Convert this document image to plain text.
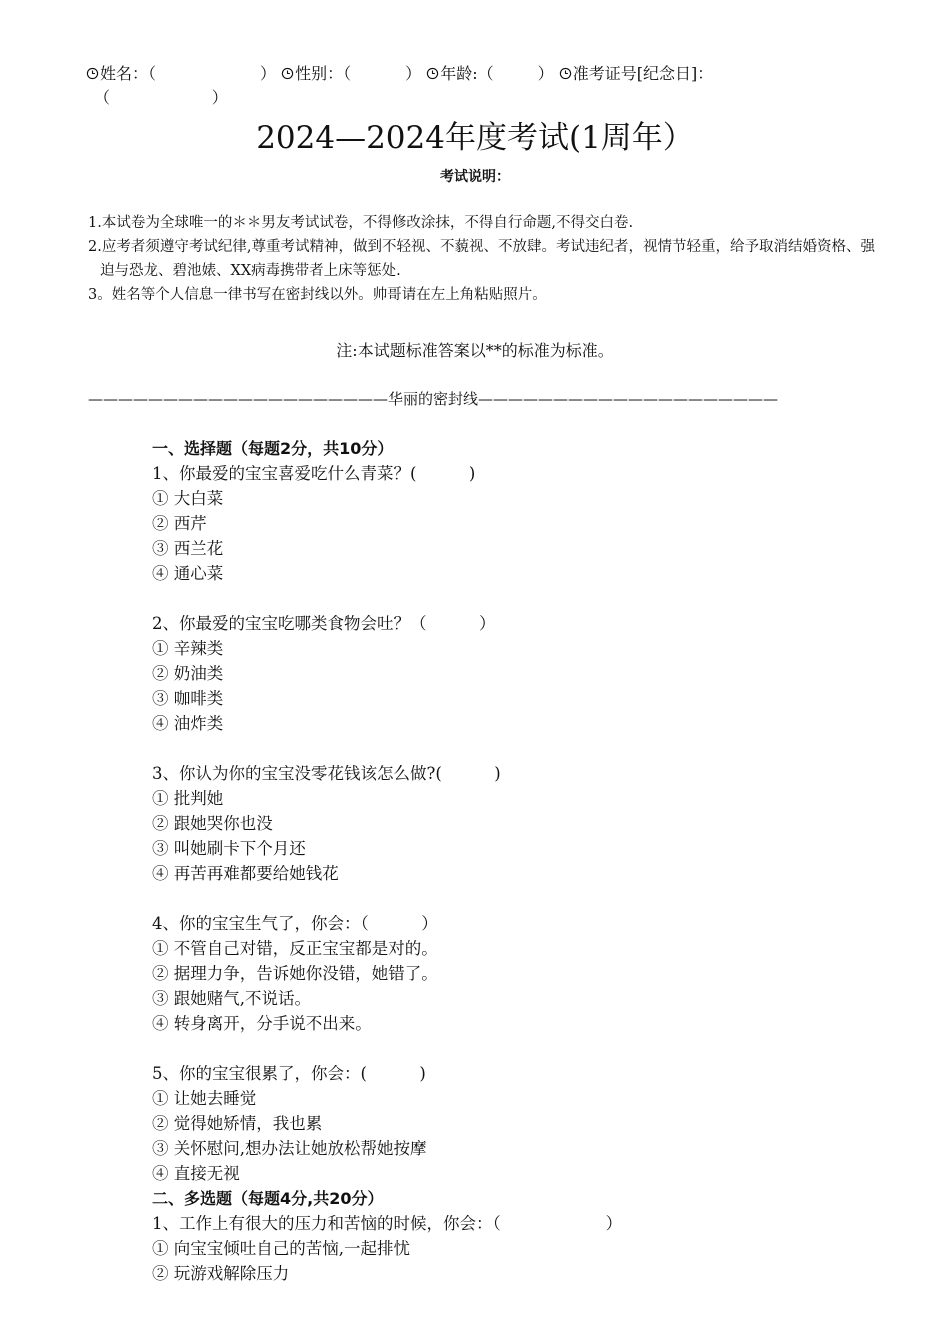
姓名：（	） 性别：（	） 年龄:（	） 准考证号[纪念日]：
（                    ）
2024—2024年度考试(1周年）
考试说明：
1.本试卷为全球唯一的＊＊男友考试试卷，不得修改涂抹，不得自行命题,不得交白卷.
2.应考者须遵守考试纪律,尊重考试精神，做到不轻视、不藐视、不放肆。考试违纪者，视情节轻重，给予取消结婚资格、强迫与恐龙、碧池婊、XX病毒携带者上床等惩处.
3。姓名等个人信息一律书写在密封线以外。帅哥请在左上角粘贴照片。
注:本试题标准答案以**的标准为标准。
————————————————————华丽的密封线————————————————————
一、选择题（每题2分，共10分）
1、你最爱的宝宝喜爱吃什么青菜？(          )
① 大白菜
② 西芹
③ 西兰花
④ 通心菜
2、你最爱的宝宝吃哪类食物会吐？（          ）
① 辛辣类
② 奶油类
③ 咖啡类
④ 油炸类
3、你认为你的宝宝没零花钱该怎么做?(          )
① 批判她
② 跟她哭你也没
③ 叫她刷卡下个月还
④ 再苦再难都要给她钱花
4、你的宝宝生气了，你会：（          ）
① 不管自己对错，反正宝宝都是对的。
② 据理力争，告诉她你没错，她错了。
③ 跟她赌气,不说话。
④ 转身离开，分手说不出来。
5、你的宝宝很累了，你会：(          )
① 让她去睡觉
② 觉得她矫情，我也累
③ 关怀慰问,想办法让她放松帮她按摩
④ 直接无视
二、多选题（每题4分,共20分）
1、工作上有很大的压力和苦恼的时候，你会：（                    ）
① 向宝宝倾吐自己的苦恼,一起排忧
② 玩游戏解除压力
